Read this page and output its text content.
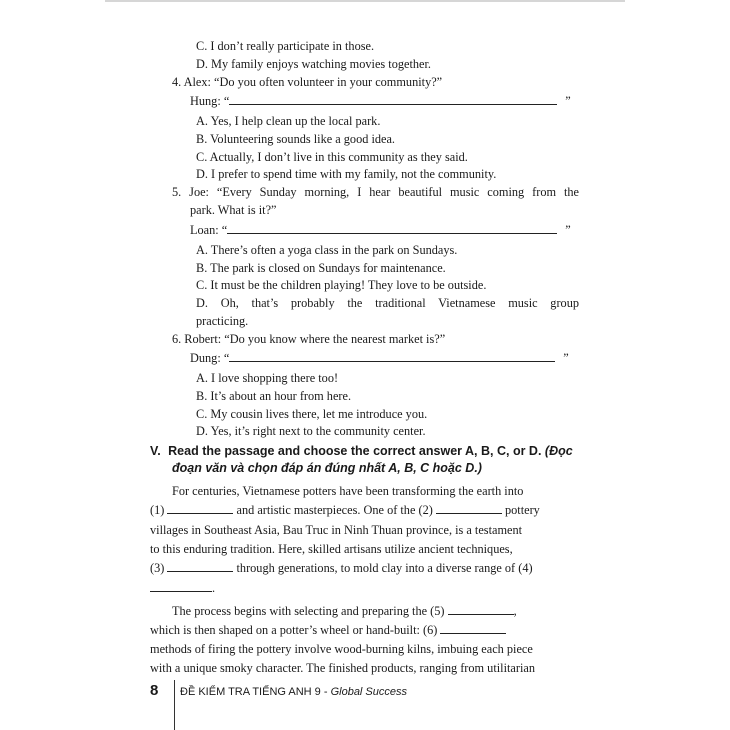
C. I don’t really participate in those.
D. My family enjoys watching movies together.
4. Alex: “Do you often volunteer in your community?”
Hung: “	”
A. Yes, I help clean up the local park.
B. Volunteering sounds like a good idea.
C. Actually, I don’t live in this community as they said.
D. I prefer to spend time with my family, not the community.
5. Joe: “Every Sunday morning, I hear beautiful music coming from the
park. What is it?”
Loan: “	”
A. There’s often a yoga class in the park on Sundays.
B. The park is closed on Sundays for maintenance.
C. It must be the children playing! They love to be outside.
D. Oh, that’s probably the traditional Vietnamese music group
practicing.
6. Robert: “Do you know where the nearest market is?”
Dung: “	”
A. I love shopping there too!
B. It’s about an hour from here.
C. My cousin lives there, let me introduce you.
D. Yes, it’s right next to the community center.
V. Read the passage and choose the correct answer A, B, C, or D. (Đọc
đoạn văn và chọn đáp án đúng nhất A, B, C hoặc D.)
For centuries, Vietnamese potters have been transforming the earth into
(1)	and artistic masterpieces. One of the (2)	pottery
villages in Southeast Asia, Bau Truc in Ninh Thuan province, is a testament
to this enduring tradition. Here, skilled artisans utilize ancient techniques,
(3)	through generations, to mold clay into a diverse range of (4)
.
The process begins with selecting and preparing the (5)	,
which is then shaped on a potter’s wheel or hand-built: (6)
methods of firing the pottery involve wood-burning kilns, imbuing each piece
with a unique smoky character. The finished products, ranging from utilitarian
8 ĐỀ KIỂM TRA TIẾNG ANH 9 - Global Success
